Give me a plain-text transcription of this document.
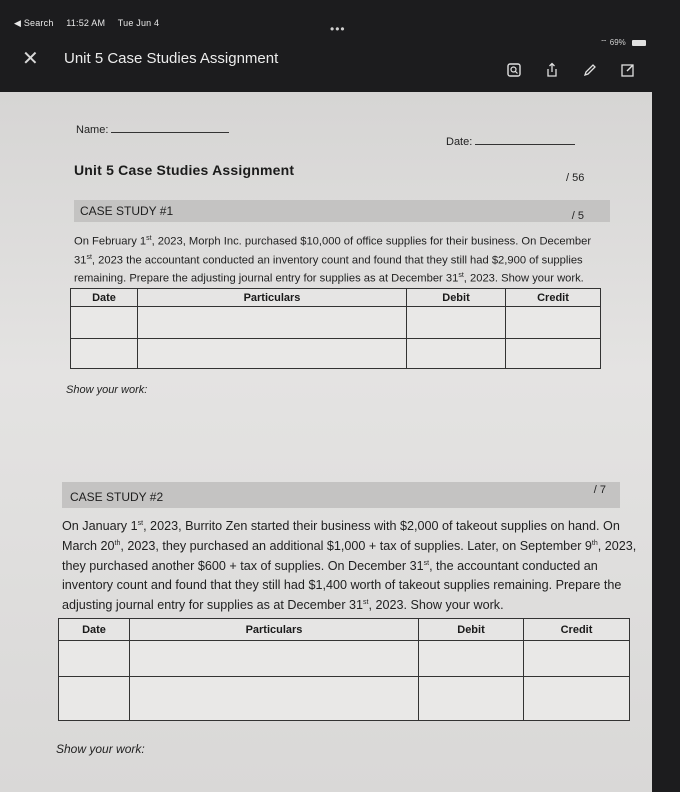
◀ Search 11:52 AM Tue Jun 4	•••
⌔ 69%
✕ Unit 5 Case Studies Assignment
Name:
Date:
Unit 5 Case Studies Assignment	/ 56
CASE STUDY #1	/ 5
On February 1st, 2023, Morph Inc. purchased $10,000 of office supplies for their business. On December
31st, 2023 the accountant conducted an inventory count and found that they still had $2,900 of supplies
remaining. Prepare the adjusting journal entry for supplies as at December 31st, 2023. Show your work.
Date	Particulars	Debit	Credit

Show your work:
CASE STUDY #2	/ 7
On January 1st, 2023, Burrito Zen started their business with $2,000 of takeout supplies on hand. On
March 20th, 2023, they purchased an additional $1,000 + tax of supplies. Later, on September 9th, 2023,
they purchased another $600 + tax of supplies. On December 31st, the accountant conducted an
inventory count and found that they still had $1,400 worth of takeout supplies remaining. Prepare the
adjusting journal entry for supplies as at December 31st, 2023. Show your work.
Date	Particulars	Debit	Credit

Show your work:
